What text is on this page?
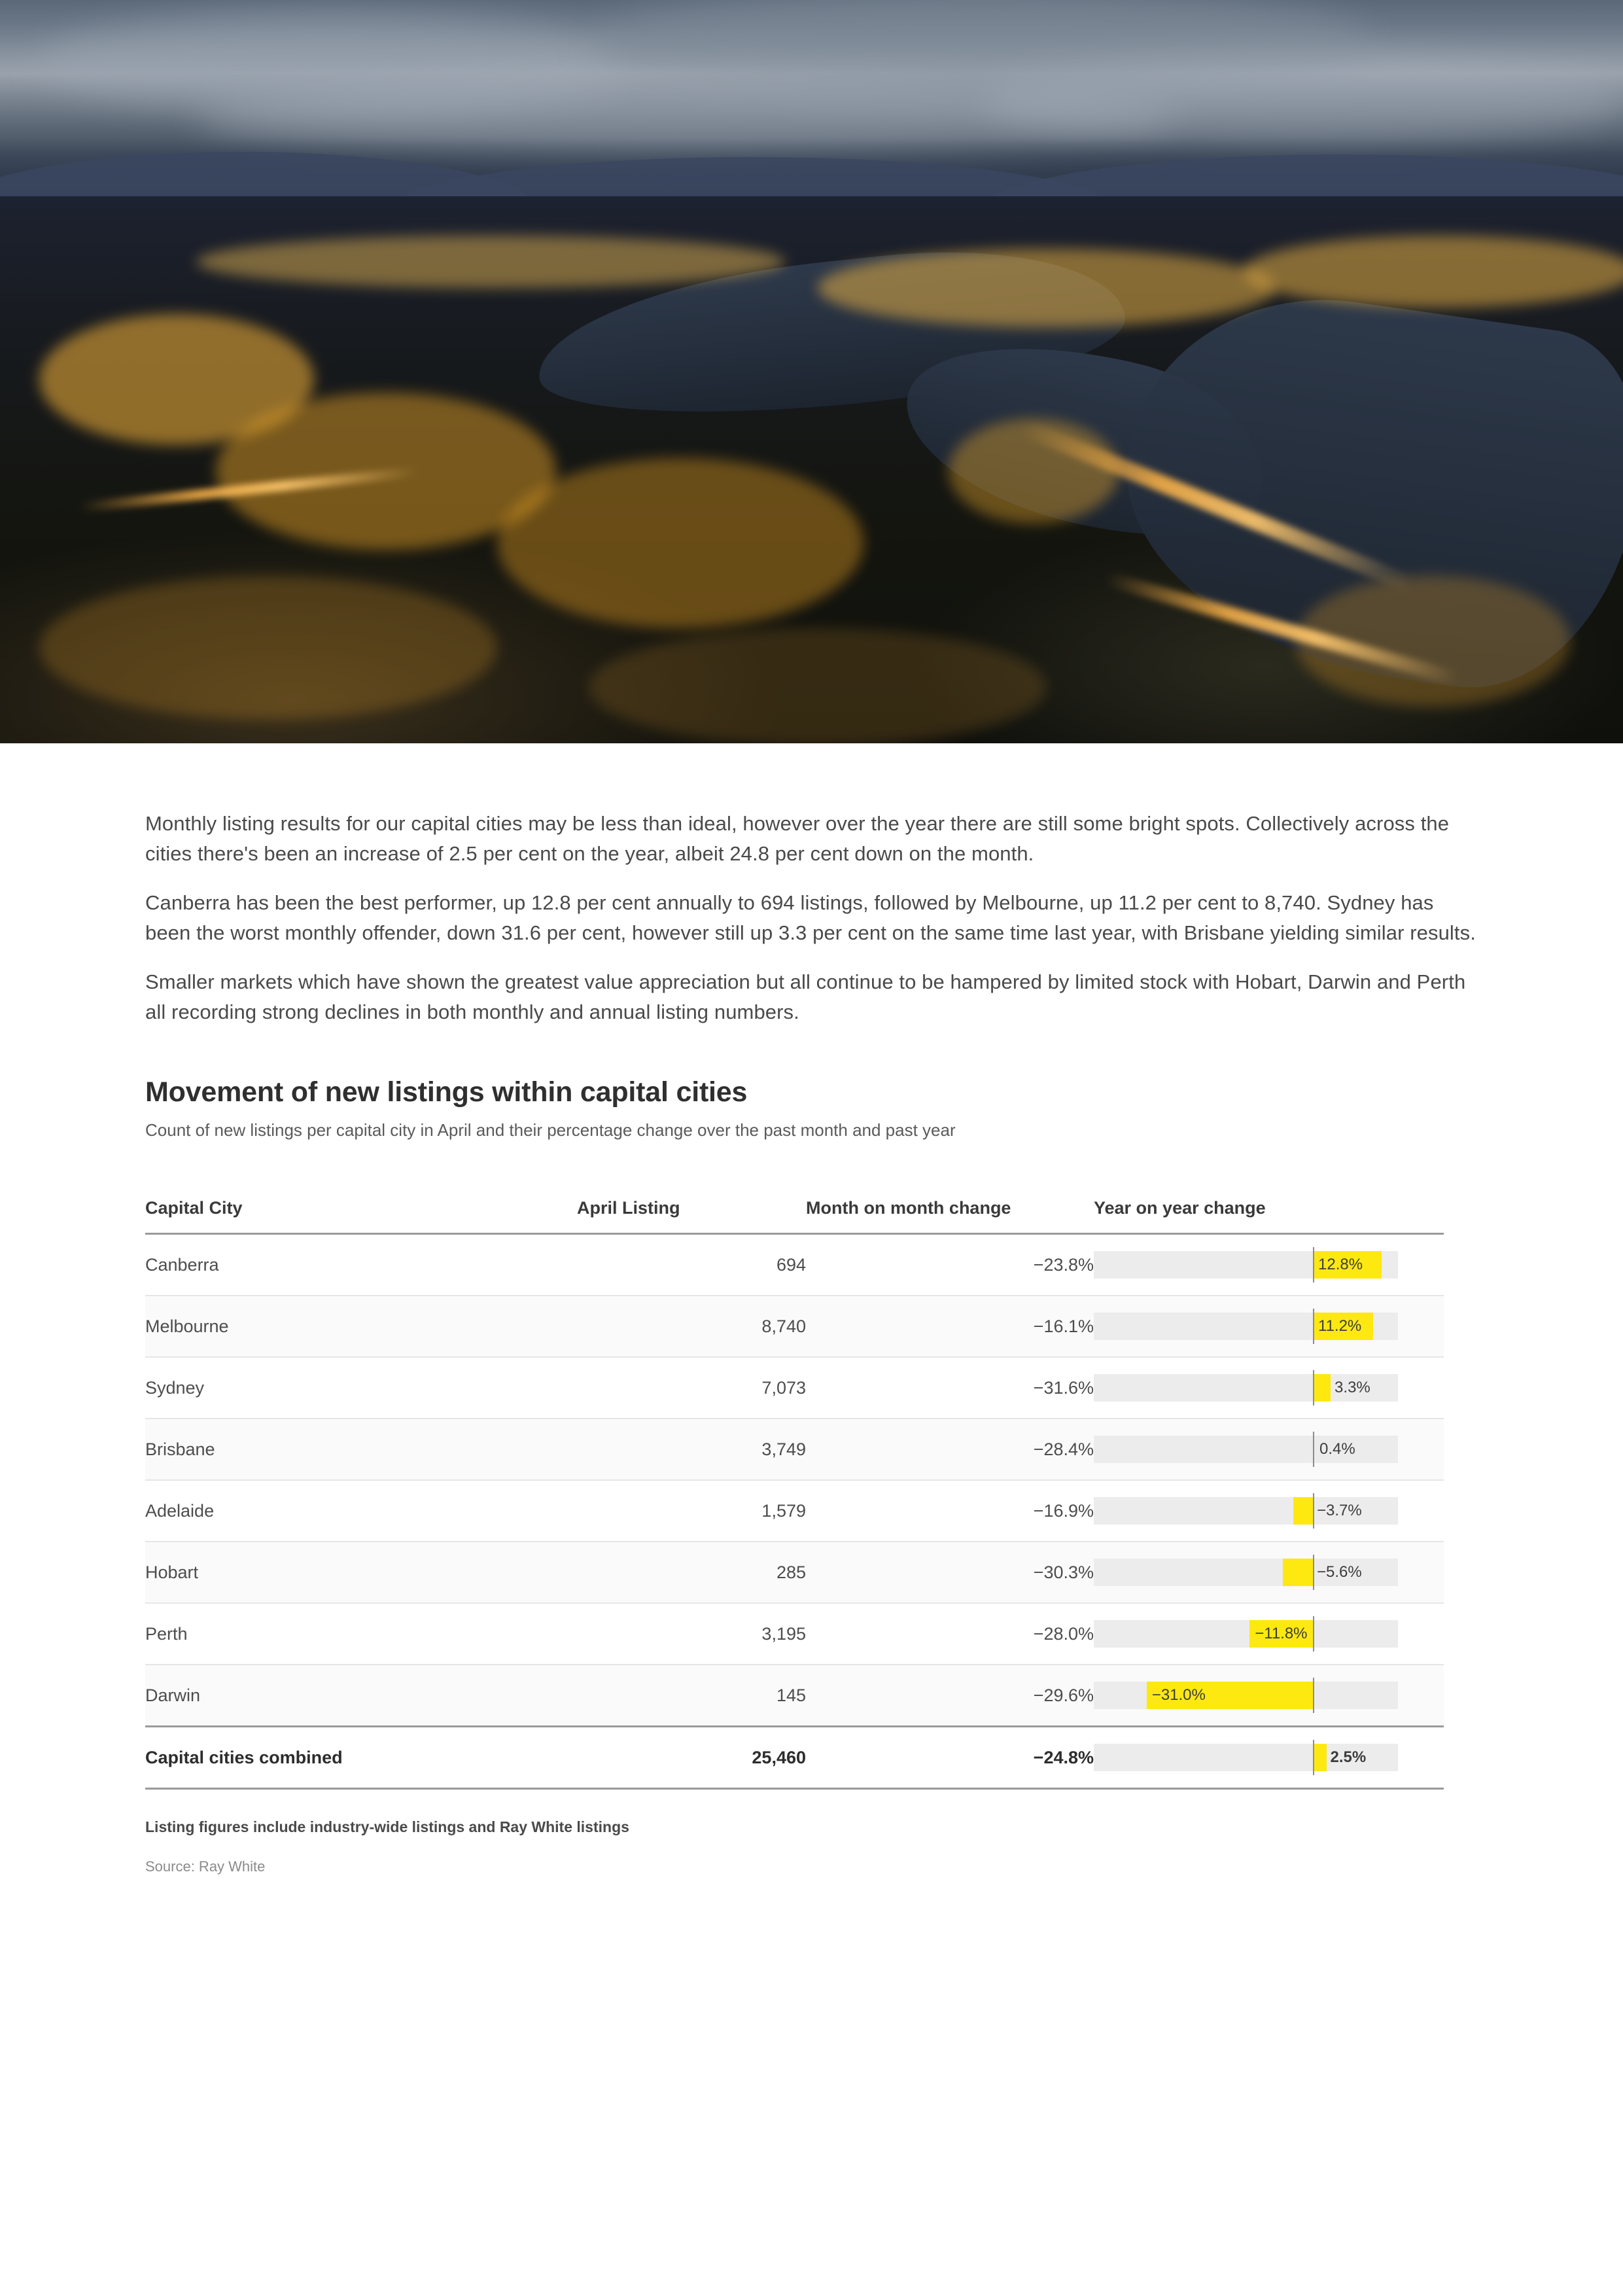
Monthly listing results for our capital cities may be less than ideal, however over the year there are still some bright spots. Collectively across the cities there's been an increase of 2.5 per cent on the year, albeit 24.8 per cent down on the month.

Canberra has been the best performer, up 12.8 per cent annually to 694 listings, followed by Melbourne, up 11.2 per cent to 8,740. Sydney has been the worst monthly offender, down 31.6 per cent, however still up 3.3 per cent on the same time last year, with Brisbane yielding similar results.

Smaller markets which have shown the greatest value appreciation but all continue to be hampered by limited stock with Hobart, Darwin and Perth all recording strong declines in both monthly and annual listing numbers.

Movement of new listings within capital cities
Count of new listings per capital city in April and their percentage change over the past month and past year
Capital City	April Listing	Month on month change	Year on year change
Canberra	694	−23.8%	12.8%

Melbourne	8,740	−16.1%	11.2%

Sydney	7,073	−31.6%	3.3%

Brisbane	3,749	−28.4%	0.4%

Adelaide	1,579	−16.9%	−3.7%

Hobart	285	−30.3%	−5.6%

Perth	3,195	−28.0%	−11.8%

Darwin	145	−29.6%	−31.0%

Capital cities combined	25,460	−24.8%	2.5%
Listing figures include industry-wide listings and Ray White listings
Source: Ray White
